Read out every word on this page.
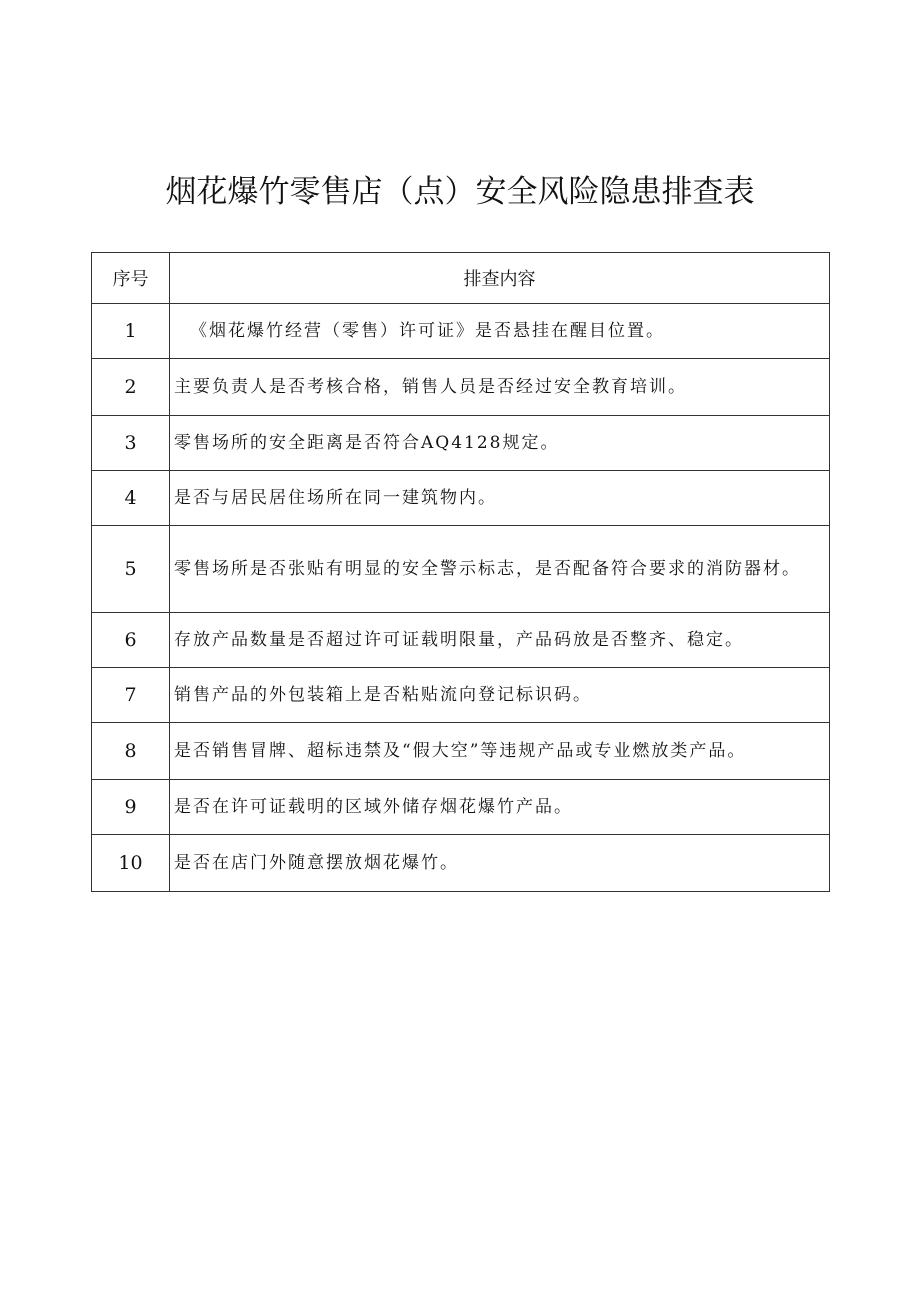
烟花爆竹零售店（点）安全风险隐患排查表
序号	排查内容
1	《烟花爆竹经营（零售）许可证》是否悬挂在醒目位置。
2	主要负责人是否考核合格，销售人员是否经过安全教育培训。
3	零售场所的安全距离是否符合AQ4128规定。
4	是否与居民居住场所在同一建筑物内。
5	零售场所是否张贴有明显的安全警示标志，是否配备符合要求的消防器材。
6	存放产品数量是否超过许可证载明限量，产品码放是否整齐、稳定。
7	销售产品的外包装箱上是否粘贴流向登记标识码。
8	是否销售冒牌、超标违禁及“假大空”等违规产品或专业燃放类产品。
9	是否在许可证载明的区域外储存烟花爆竹产品。
10	是否在店门外随意摆放烟花爆竹。
